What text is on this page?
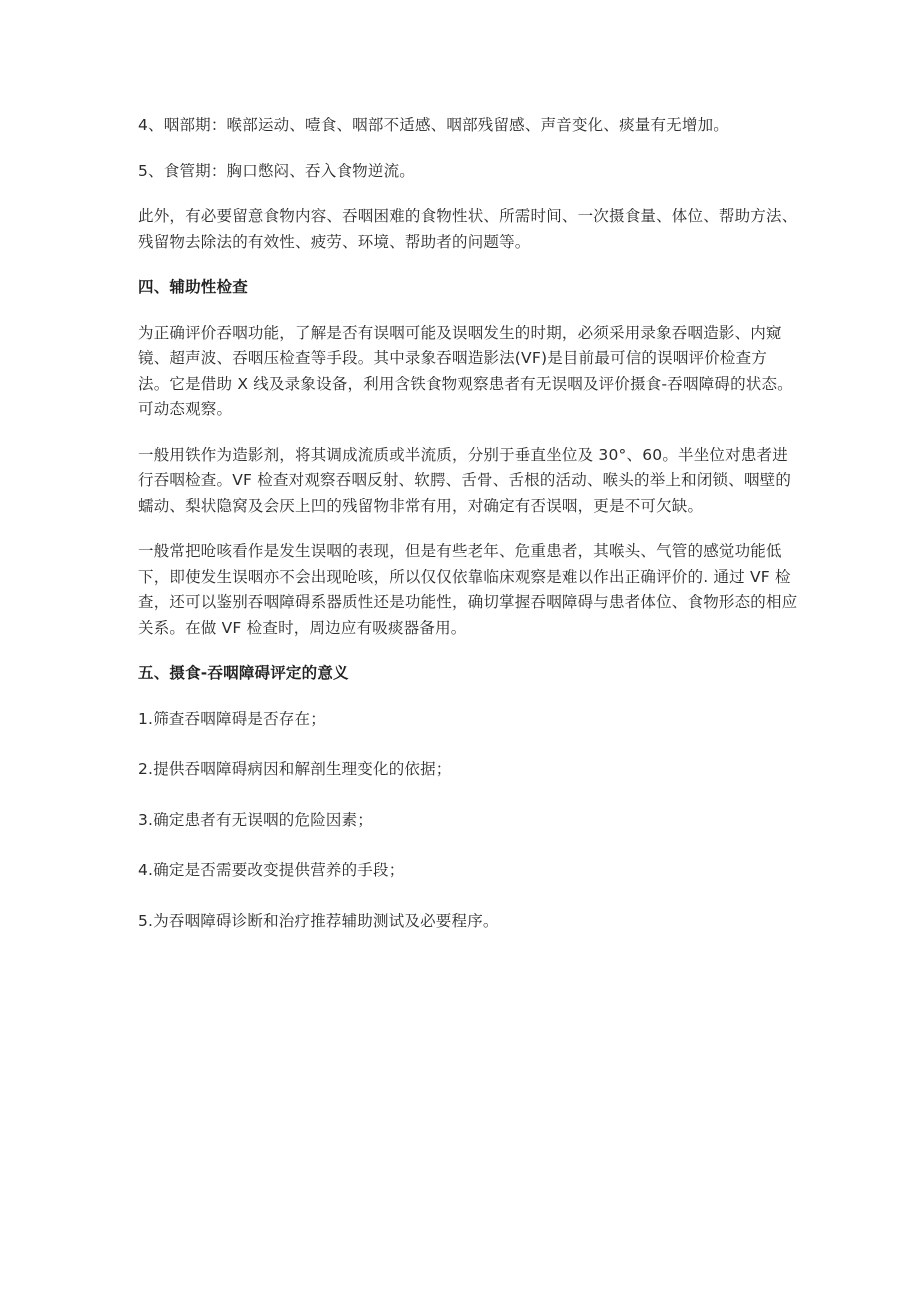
4、咽部期：喉部运动、噎食、咽部不适感、咽部残留感、声音变化、痰量有无增加。

5、食管期：胸口憋闷、吞入食物逆流。

此外，有必要留意食物内容、吞咽困难的食物性状、所需时间、一次摄食量、体位、帮助方法、残留物去除法的有效性、疲劳、环境、帮助者的问题等。

四、辅助性检查

为正确评价吞咽功能，了解是否有误咽可能及误咽发生的时期，必须采用录象吞咽造影、内窥镜、超声波、吞咽压检查等手段。其中录象吞咽造影法(VF)是目前最可信的误咽评价检查方法。它是借助 X 线及录象设备，利用含铁食物观察患者有无误咽及评价摄食-吞咽障碍的状态。可动态观察。

一般用铁作为造影剂，将其调成流质或半流质，分别于垂直坐位及 30°、60。半坐位对患者进行吞咽检查。VF 检查对观察吞咽反射、软腭、舌骨、舌根的活动、喉头的举上和闭锁、咽壁的蠕动、梨状隐窝及会厌上凹的残留物非常有用，对确定有否误咽，更是不可欠缺。

一般常把呛咳看作是发生误咽的表现，但是有些老年、危重患者，其喉头、气管的感觉功能低下，即使发生误咽亦不会出现呛咳，所以仅仅依靠临床观察是难以作出正确评价的. 通过 VF 检查，还可以鉴别吞咽障碍系器质性还是功能性，确切掌握吞咽障碍与患者体位、食物形态的相应关系。在做 VF 检查时，周边应有吸痰器备用。

五、摄食-吞咽障碍评定的意义

1.筛查吞咽障碍是否存在；

2.提供吞咽障碍病因和解剖生理变化的依据；

3.确定患者有无误咽的危险因素；

4.确定是否需要改变提供营养的手段；

5.为吞咽障碍诊断和治疗推荐辅助测试及必要程序。
